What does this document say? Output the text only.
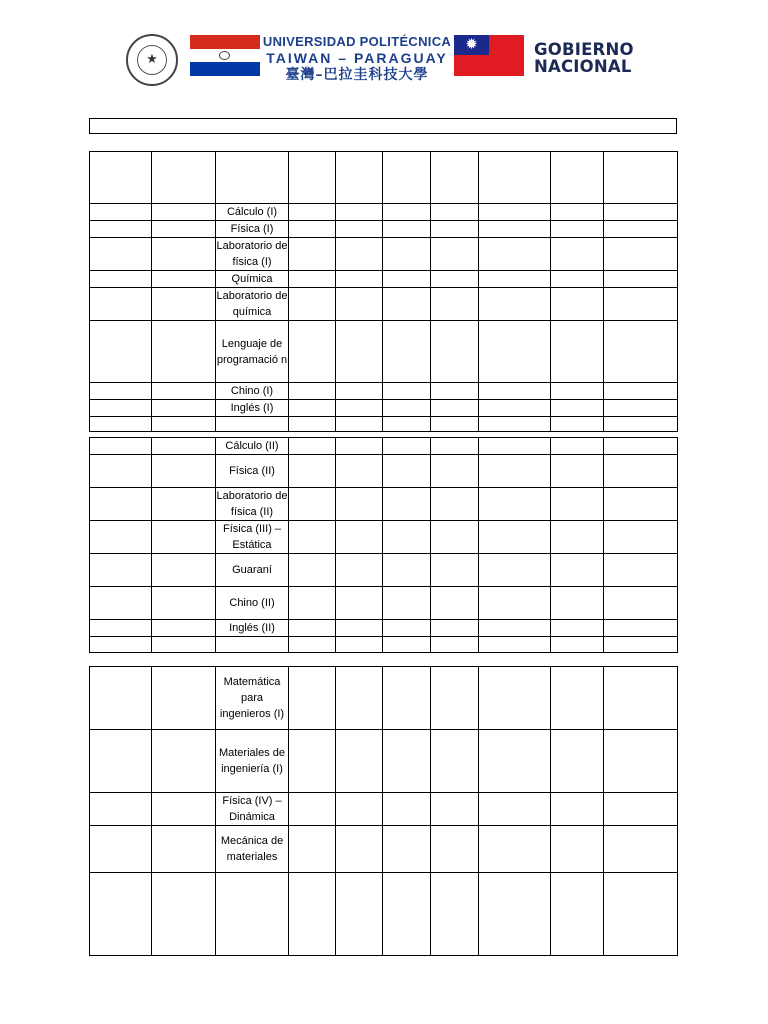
★
UNIVERSIDAD POLITÉCNICA
TAIWAN – PARAGUAY
臺灣–巴拉圭科技大學
✹	GOBIERNO
NACIONAL

		Cálculo (I)							
		Física (I)							
		Laboratorio de física (I)							
		Química							
		Laboratorio de química							
		Lenguaje de programació n							
		Chino (I)							
		Inglés (I)							

		Cálculo (II)							
		Física (II)							
		Laboratorio de física (II)							
		Física (III) – Estática							
		Guaraní							
		Chino (II)							
		Inglés (II)							

		Matemática para ingenieros (I)							
		Materiales de ingeniería (I)							
		Física (IV) – Dinámica							
		Mecánica de materiales							
